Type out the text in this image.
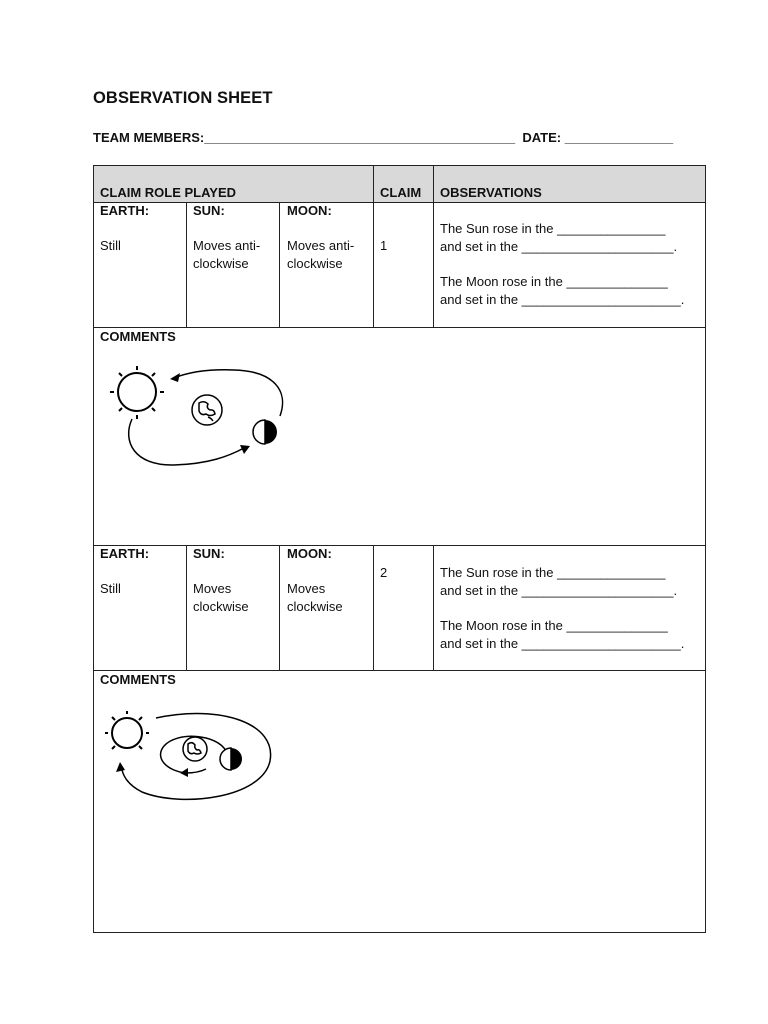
OBSERVATION SHEET
TEAM MEMBERS:___________________________________________  DATE: _______________
CLAIM ROLE PLAYED	CLAIM OBSERVATIONS
EARTH:
Still
SUN:
Moves anti-
clockwise
MOON:
Moves anti-
clockwise
1
The Sun rose in the _______________
and set in the _____________________.
The Moon rose in the ______________
and set in the ______________________.
COMMENTS
EARTH:
Still
SUN:
Moves
clockwise
MOON:
Moves
clockwise
2	The Sun rose in the _______________
and set in the _____________________.
The Moon rose in the ______________
and set in the ______________________.
COMMENTS
